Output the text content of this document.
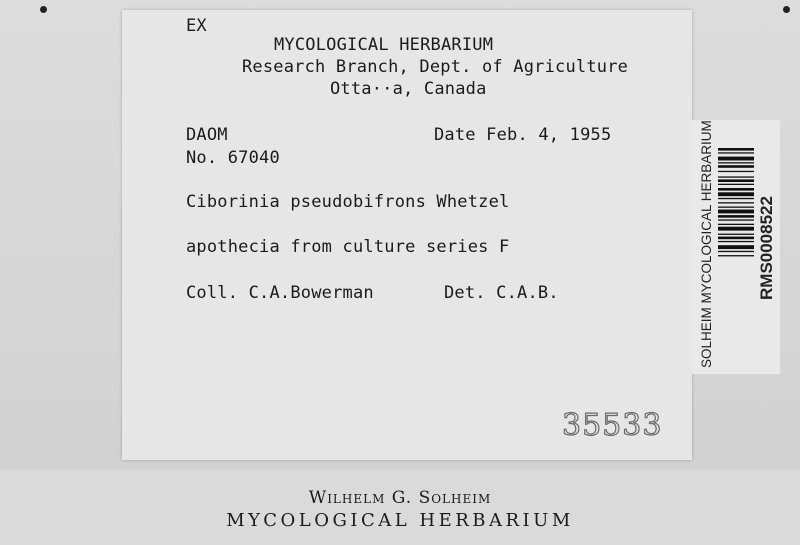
EX
MYCOLOGICAL HERBARIUM
Research Branch, Dept. of Agriculture
Otta··a, Canada
DAOM	Date Feb. 4, 1955
No. 67040
Ciborinia pseudobifrons Whetzel
apothecia from culture series F
Coll. C.A.Bowerman	Det. C.A.B.
35533
SOLHEIM MYCOLOGICAL HERBARIUM	RMS0008522
Wilhelm G. Solheim
MYCOLOGICAL HERBARIUM
